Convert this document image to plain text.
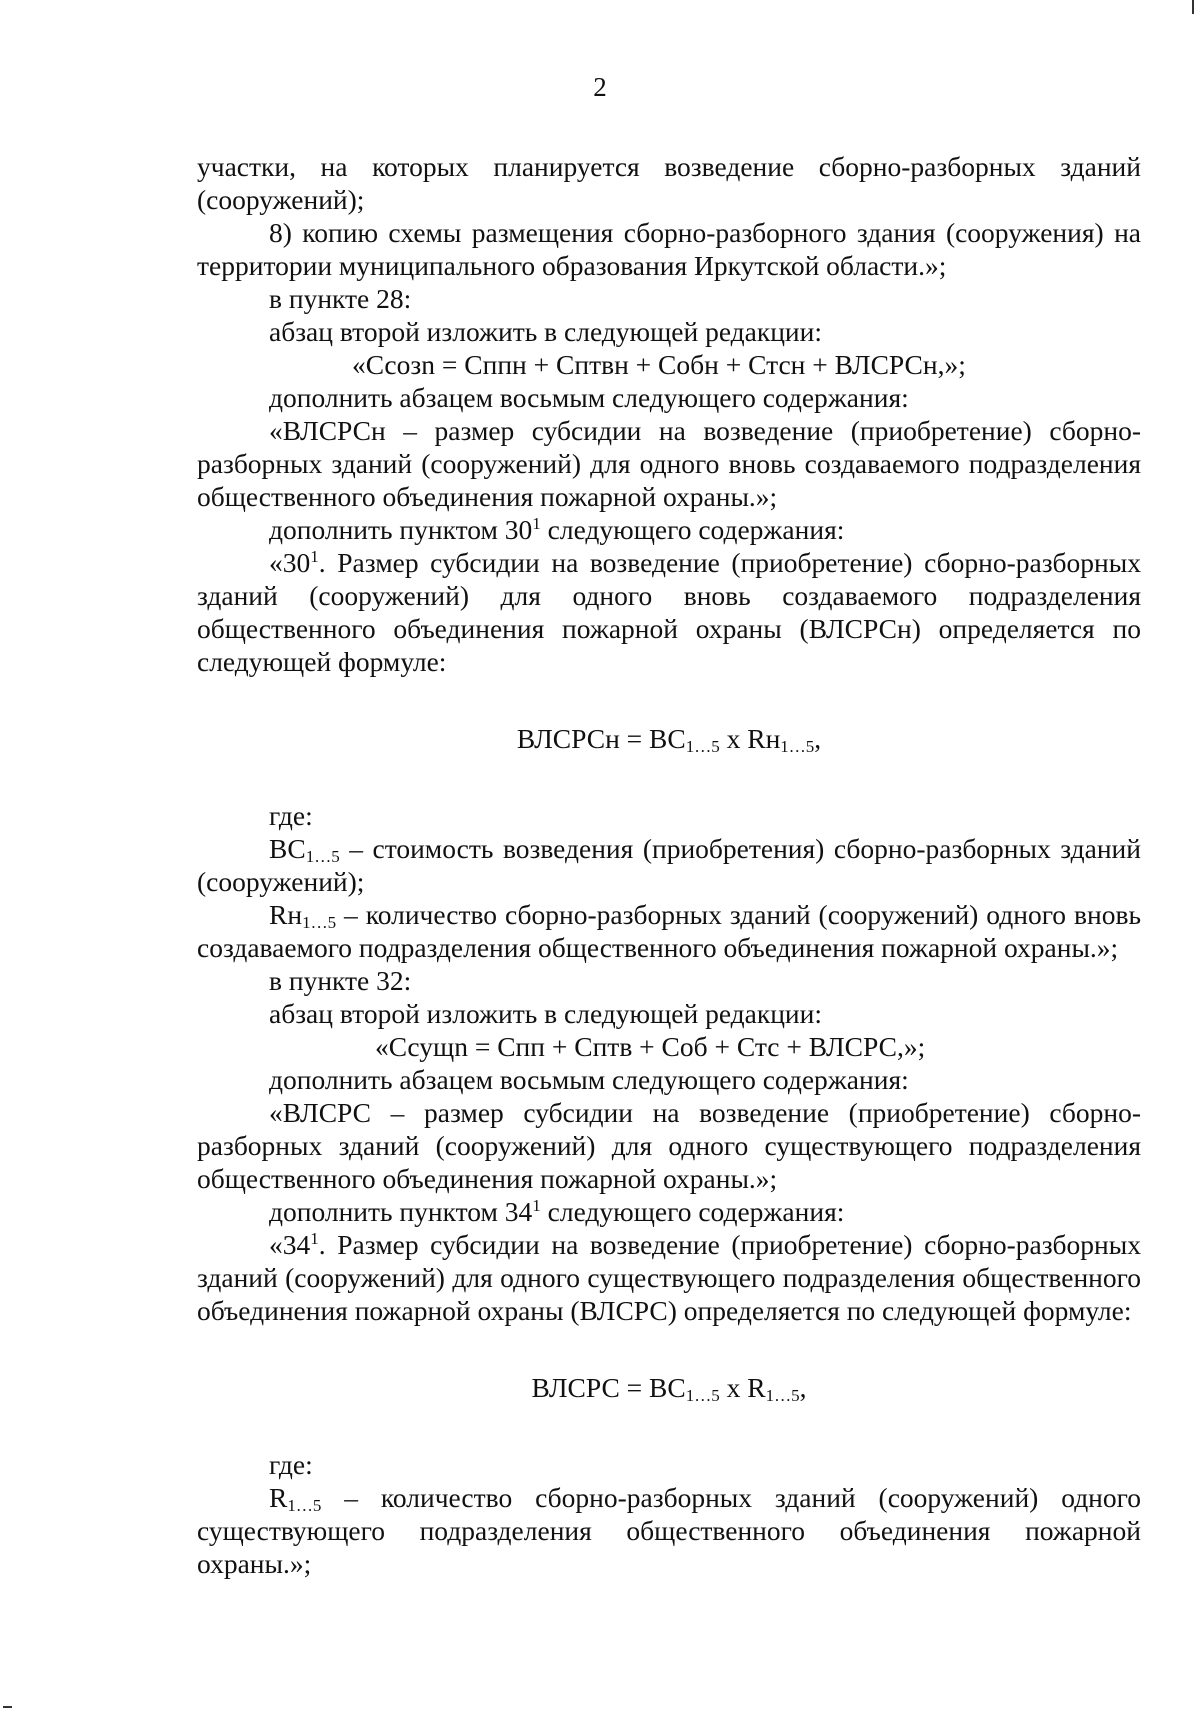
2

участки, на которых планируется возведение сборно-разборных зданий (сооружений);

8) копию схемы размещения сборно-разборного здания (сооружения) на территории муниципального образования Иркутской области.»;

в пункте 28:

абзац второй изложить в следующей редакции:

«Ссозn = Сппн + Сптвн + Собн + Стсн + ВЛСРСн,»;

дополнить абзацем восьмым следующего содержания:

«ВЛСРСн – размер субсидии на возведение (приобретение) сборно-разборных зданий (сооружений) для одного вновь создаваемого подразделения общественного объединения пожарной охраны.»;

дополнить пунктом $30^1$ следующего содержания:

«$30^1$. Размер субсидии на возведение (приобретение) сборно-разборных зданий (сооружений) для одного вновь создаваемого подразделения общественного объединения пожарной охраны (ВЛСРСн) определяется по следующей формуле:

ВЛСРСн = $ВС_{1\dots 5}$ х $Rн_{1\dots 5}$,

где:

$ВС_{1\dots 5}$ – стоимость возведения (приобретения) сборно-разборных зданий (сооружений);

$Rн_{1\dots 5}$ – количество сборно-разборных зданий (сооружений) одного вновь создаваемого подразделения общественного объединения пожарной охраны.»;

в пункте 32:

абзац второй изложить в следующей редакции:

«Ссущn = Спп + Сптв + Соб + Стс + ВЛСРС,»;

дополнить абзацем восьмым следующего содержания:

«ВЛСРС – размер субсидии на возведение (приобретение) сборно-разборных зданий (сооружений) для одного существующего подразделения общественного объединения пожарной охраны.»;

дополнить пунктом $34^1$ следующего содержания:

«$34^1$. Размер субсидии на возведение (приобретение) сборно-разборных зданий (сооружений) для одного существующего подразделения общественного объединения пожарной охраны (ВЛСРС) определяется по следующей формуле:

ВЛСРС = $ВС_{1\dots 5}$ х $R_{1\dots 5}$,

где:

$R_{1\dots 5}$ – количество сборно-разборных зданий (сооружений) одного существующего подразделения общественного объединения пожарной охраны.»;
